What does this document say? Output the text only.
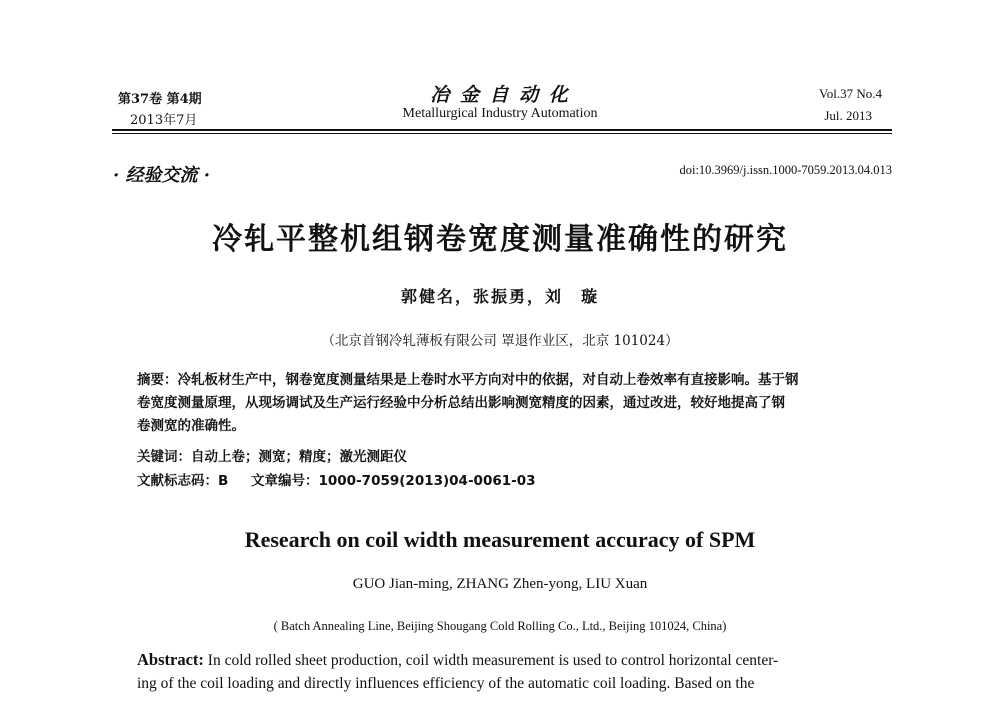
第37卷 第4期
2013年7月
冶 金 自 动 化
Metallurgical Industry Automation
Vol.37 No.4
Jul. 2013
· 经验交流 ·	doi:10.3969/j.issn.1000-7059.2013.04.013
冷轧平整机组钢卷宽度测量准确性的研究
郭健名，张振勇，刘　璇
（北京首钢冷轧薄板有限公司 罩退作业区，北京 101024）
摘要：冷轧板材生产中，钢卷宽度测量结果是上卷时水平方向对中的依据，对自动上卷效率有直接影响。基于钢
卷宽度测量原理，从现场调试及生产运行经验中分析总结出影响测宽精度的因素，通过改进，较好地提高了钢
卷测宽的准确性。
关键词：自动上卷；测宽；精度；激光测距仪
文献标志码：B 文章编号：1000-7059(2013)04-0061-03
Research on coil width measurement accuracy of SPM
GUO Jian-ming, ZHANG Zhen-yong, LIU Xuan
( Batch Annealing Line, Beijing Shougang Cold Rolling Co., Ltd., Beijing 101024, China)
Abstract: In cold rolled sheet production, coil width measurement is used to control horizontal center-
ing of the coil loading and directly influences efficiency of the automatic coil loading. Based on the
